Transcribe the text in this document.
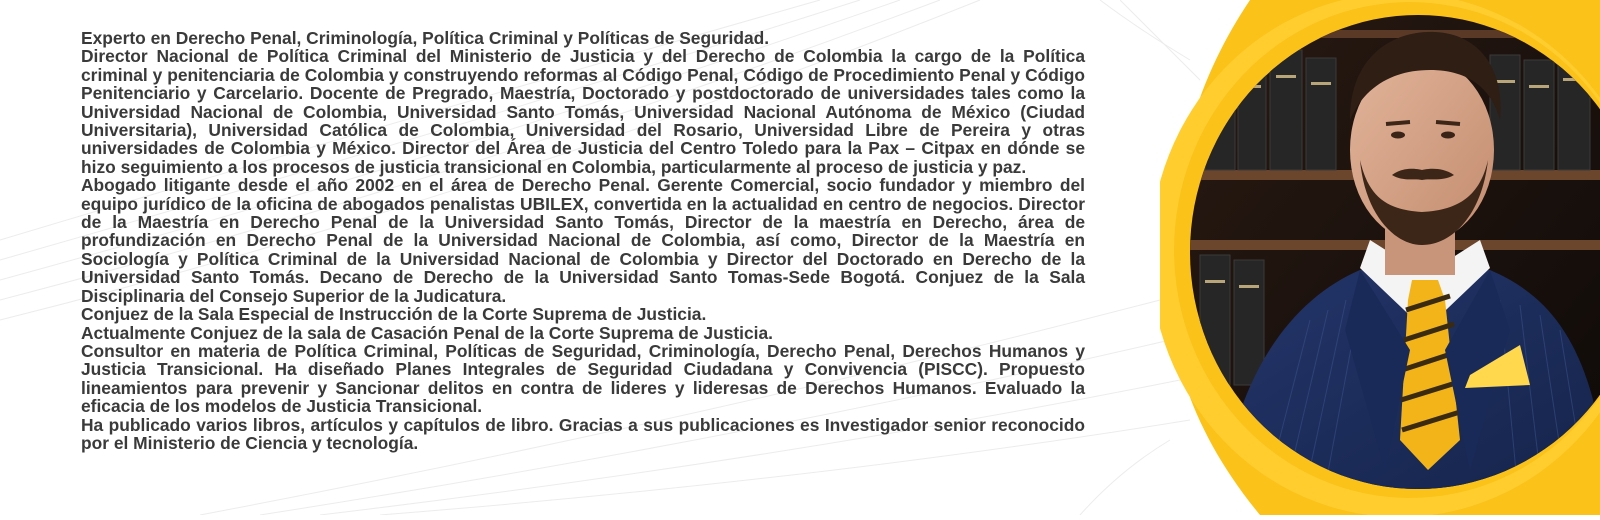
Experto en Derecho Penal, Criminología, Política Criminal y Políticas de Seguridad.

Director Nacional de Política Criminal del Ministerio de Justicia y del Derecho de Colombia la cargo de la Política criminal y penitenciaria de Colombia y construyendo reformas al Código Penal, Código de Procedimiento Penal y Código Penitenciario y Carcelario. Docente de Pregrado, Maestría, Doctorado y postdoctorado de universidades tales como la Universidad Nacional de Colombia, Universidad Santo Tomás, Universidad Nacional Autónoma de México (Ciudad Universitaria), Universidad Católica de Colombia, Universidad del Rosario, Universidad Libre de Pereira y otras universidades de Colombia y México. Director del Área de Justicia del Centro Toledo para la Pax – Citpax en dónde se hizo seguimiento a los procesos de justicia transicional en Colombia, particularmente al proceso de justicia y paz.

Abogado litigante desde el año 2002 en el área de Derecho Penal. Gerente Comercial, socio fundador y miembro del equipo jurídico de la oficina de abogados penalistas UBILEX, convertida en la actualidad en centro de negocios. Director de la Maestría en Derecho Penal de la Universidad Santo Tomás, Director de la maestría en Derecho, área de profundización en Derecho Penal de la Universidad Nacional de Colombia, así como, Director de la Maestría en Sociología y Política Criminal de la Universidad Nacional de Colombia y Director del Doctorado en Derecho de la Universidad Santo Tomás. Decano de Derecho de la Universidad Santo Tomas-Sede Bogotá. Conjuez de la Sala Disciplinaria del Consejo Superior de la Judicatura.

Conjuez de la Sala Especial de Instrucción de la Corte Suprema de Justicia.

Actualmente Conjuez de la sala de Casación Penal de la Corte Suprema de Justicia.

Consultor en materia de Política Criminal, Políticas de Seguridad, Criminología, Derecho Penal, Derechos Humanos y Justicia Transicional. Ha diseñado Planes Integrales de Seguridad Ciudadana y Convivencia (PISCC). Propuesto lineamientos para prevenir y Sancionar delitos en contra de lideres y lideresas de Derechos Humanos. Evaluado la eficacia de los modelos de Justicia Transicional.

Ha publicado varios libros, artículos y capítulos de libro. Gracias a sus publicaciones es Investigador senior reconocido por el Ministerio de Ciencia y tecnología.
